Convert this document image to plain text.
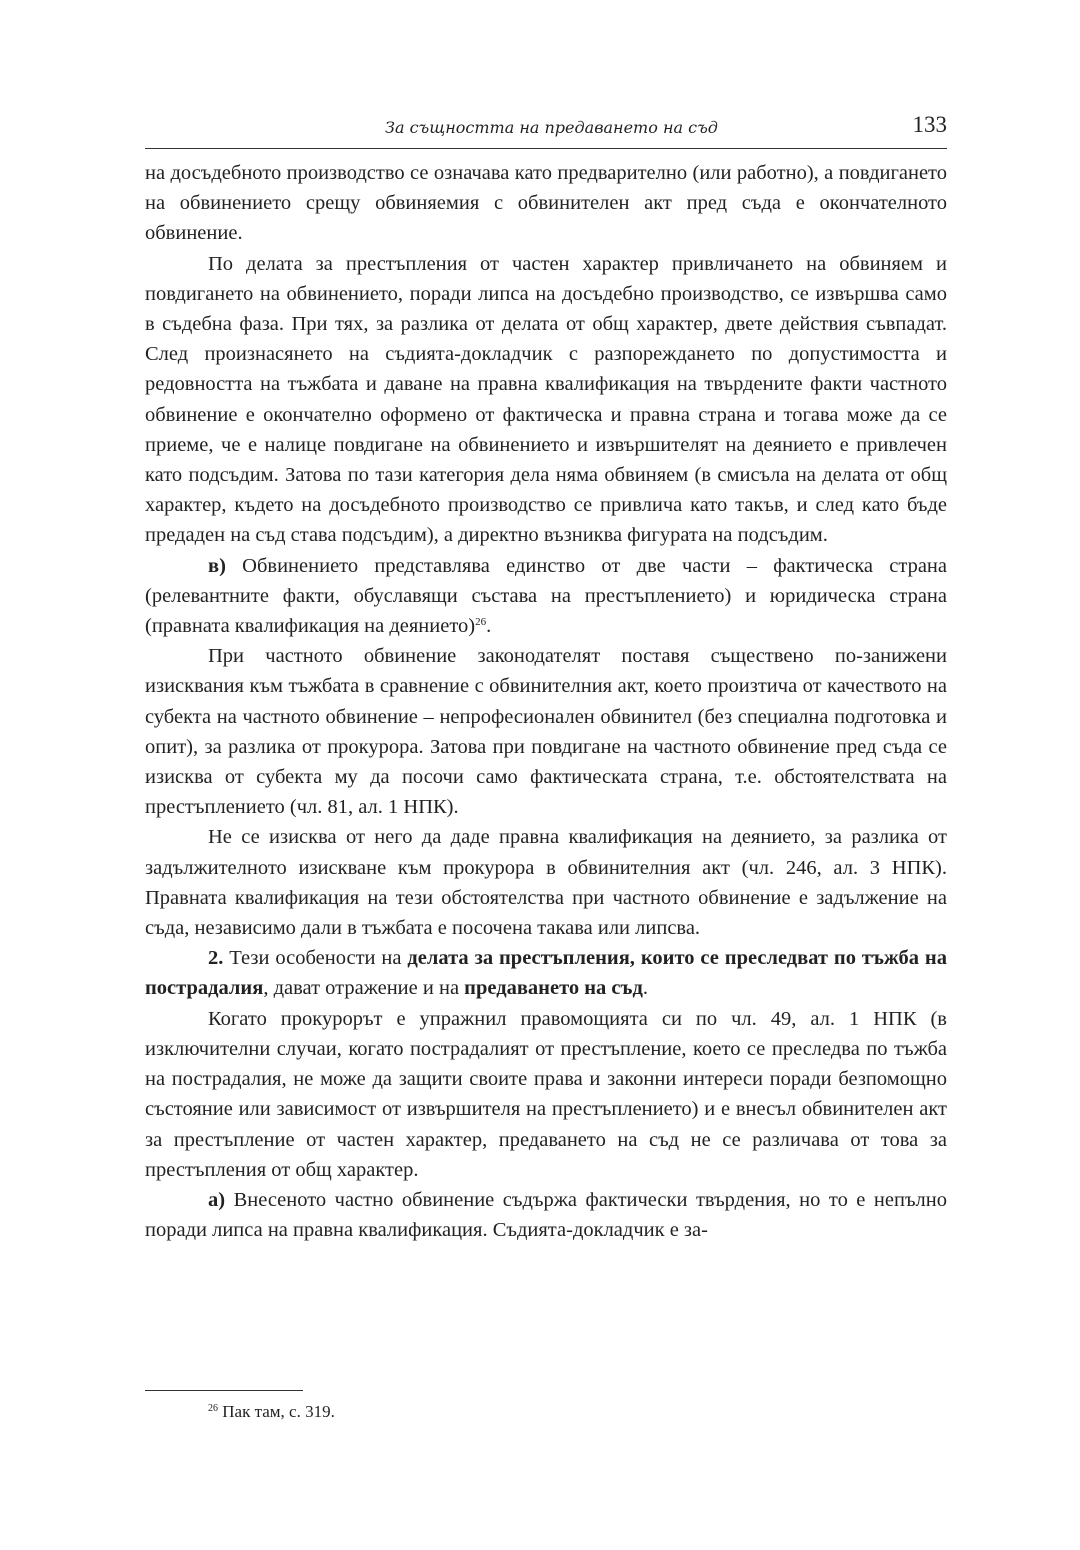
За същността на предаването на съд	133

на досъдебното производство се означава като предварително (или работно), а повдигането на обвинението срещу обвиняемия с обвинителен акт пред съда е окончателното обвинение.

По делата за престъпления от частен характер привличането на обвиняем и повдигането на обвинението, поради липса на досъдебно производство, се извършва само в съдебна фаза. При тях, за разлика от делата от общ характер, двете действия съвпадат. След произнасянето на съдията-докладчик с разпореждането по допустимостта и редовността на тъжбата и даване на правна квалификация на твърдените факти частното обвинение е окончателно оформено от фактическа и правна страна и тогава може да се приеме, че е налице повдигане на обвинението и извършителят на деянието е привлечен като подсъдим. Затова по тази категория дела няма обвиняем (в смисъла на делата от общ характер, където на досъдебното производство се привлича като такъв, и след като бъде предаден на съд става подсъдим), а директно възниква фигурата на подсъдим.

в) Обвинението представлява единство от две части – фактическа страна (релевантните факти, обуславящи състава на престъплението) и юридическа страна (правната квалификация на деянието)$^{26}$.

При частното обвинение законодателят поставя съществено по-занижени изисквания към тъжбата в сравнение с обвинителния акт, което произтича от качеството на субекта на частното обвинение – непрофесионален обвинител (без специална подготовка и опит), за разлика от прокурора. Затова при повдигане на частното обвинение пред съда се изисква от субекта му да посочи само фактическата страна, т.е. обстоятелствата на престъплението (чл. 81, ал. 1 НПК).

Не се изисква от него да даде правна квалификация на деянието, за разлика от задължителното изискване към прокурора в обвинителния акт (чл. 246, ал. 3 НПК). Правната квалификация на тези обстоятелства при частното обвинение е задължение на съда, независимо дали в тъжбата е посочена такава или липсва.

2. Тези особености на делата за престъпления, които се преследват по тъжба на пострадалия, дават отражение и на предаването на съд.

Когато прокурорът е упражнил правомощията си по чл. 49, ал. 1 НПК (в изключителни случаи, когато пострадалият от престъпление, което се преследва по тъжба на пострадалия, не може да защити своите права и законни интереси поради безпомощно състояние или зависимост от извършителя на престъплението) и е внесъл обвинителен акт за престъпление от частен характер, предаването на съд не се различава от това за престъпления от общ характер.

а) Внесеното частно обвинение съдържа фактически твърдения, но то е непълно поради липса на правна квалификация. Съдията-докладчик е за-

$^{26}$ Пак там, с. 319.
